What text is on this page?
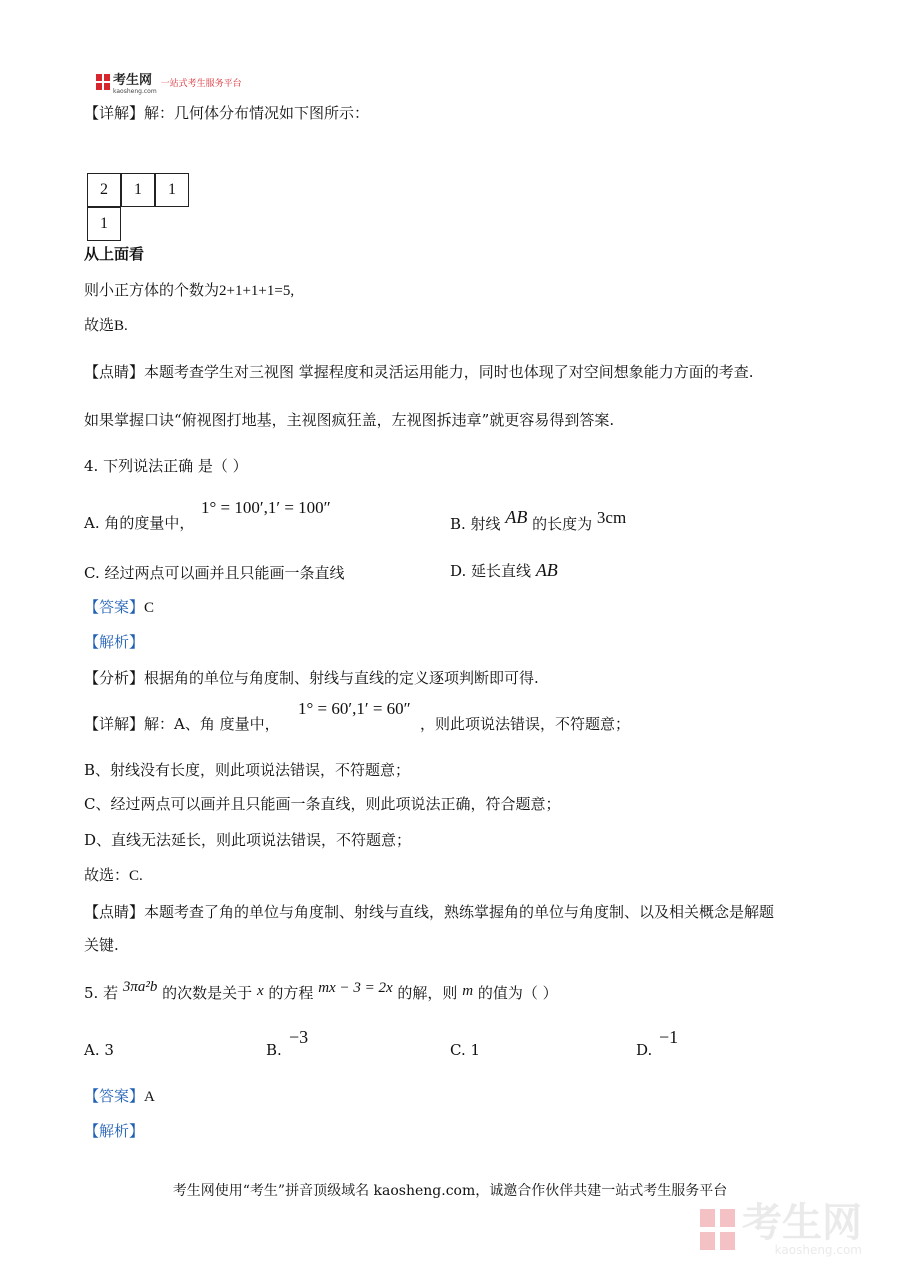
考生网
kaosheng.com
一站式考生服务平台
【详解】解：几何体分布情况如下图所示：
2	1	1
1
从上面看
则小正方体的个数为2+1+1+1=5,
故选B.
【点睛】本题考查学生对三视图 掌握程度和灵活运用能力，同时也体现了对空间想象能力方面的考查.
如果掌握口诀“俯视图打地基，主视图疯狂盖，左视图拆违章”就更容易得到答案.
4. 下列说法正确 是（ ）
A. 角的度量中，
1° = 100′,1′ = 100″
B. 射线 AB 的长度为 3cm
C. 经过两点可以画并且只能画一条直线	D. 延长直线 AB
【答案】C
【解析】
【分析】根据角的单位与角度制、射线与直线的定义逐项判断即可得.
【详解】解：A、角 度量中，
1° = 60′,1′ = 60″
，则此项说法错误，不符题意；
B、射线没有长度，则此项说法错误，不符题意；
C、经过两点可以画并且只能画一条直线，则此项说法正确，符合题意；
D、直线无法延长，则此项说法错误，不符题意；
故选：C.
【点睛】本题考查了角的单位与角度制、射线与直线，熟练掌握角的单位与角度制、以及相关概念是解题
关键.
5. 若 3πa²b 的次数是关于 x 的方程 mx − 3 = 2x 的解，则 m 的值为（ ）
A. 3	B.
−3
C. 1	D.
−1
【答案】A
【解析】
考生网使用“考生”拼音顶级域名 kaosheng.com，诚邀合作伙伴共建一站式考生服务平台
考生网
kaosheng.com
